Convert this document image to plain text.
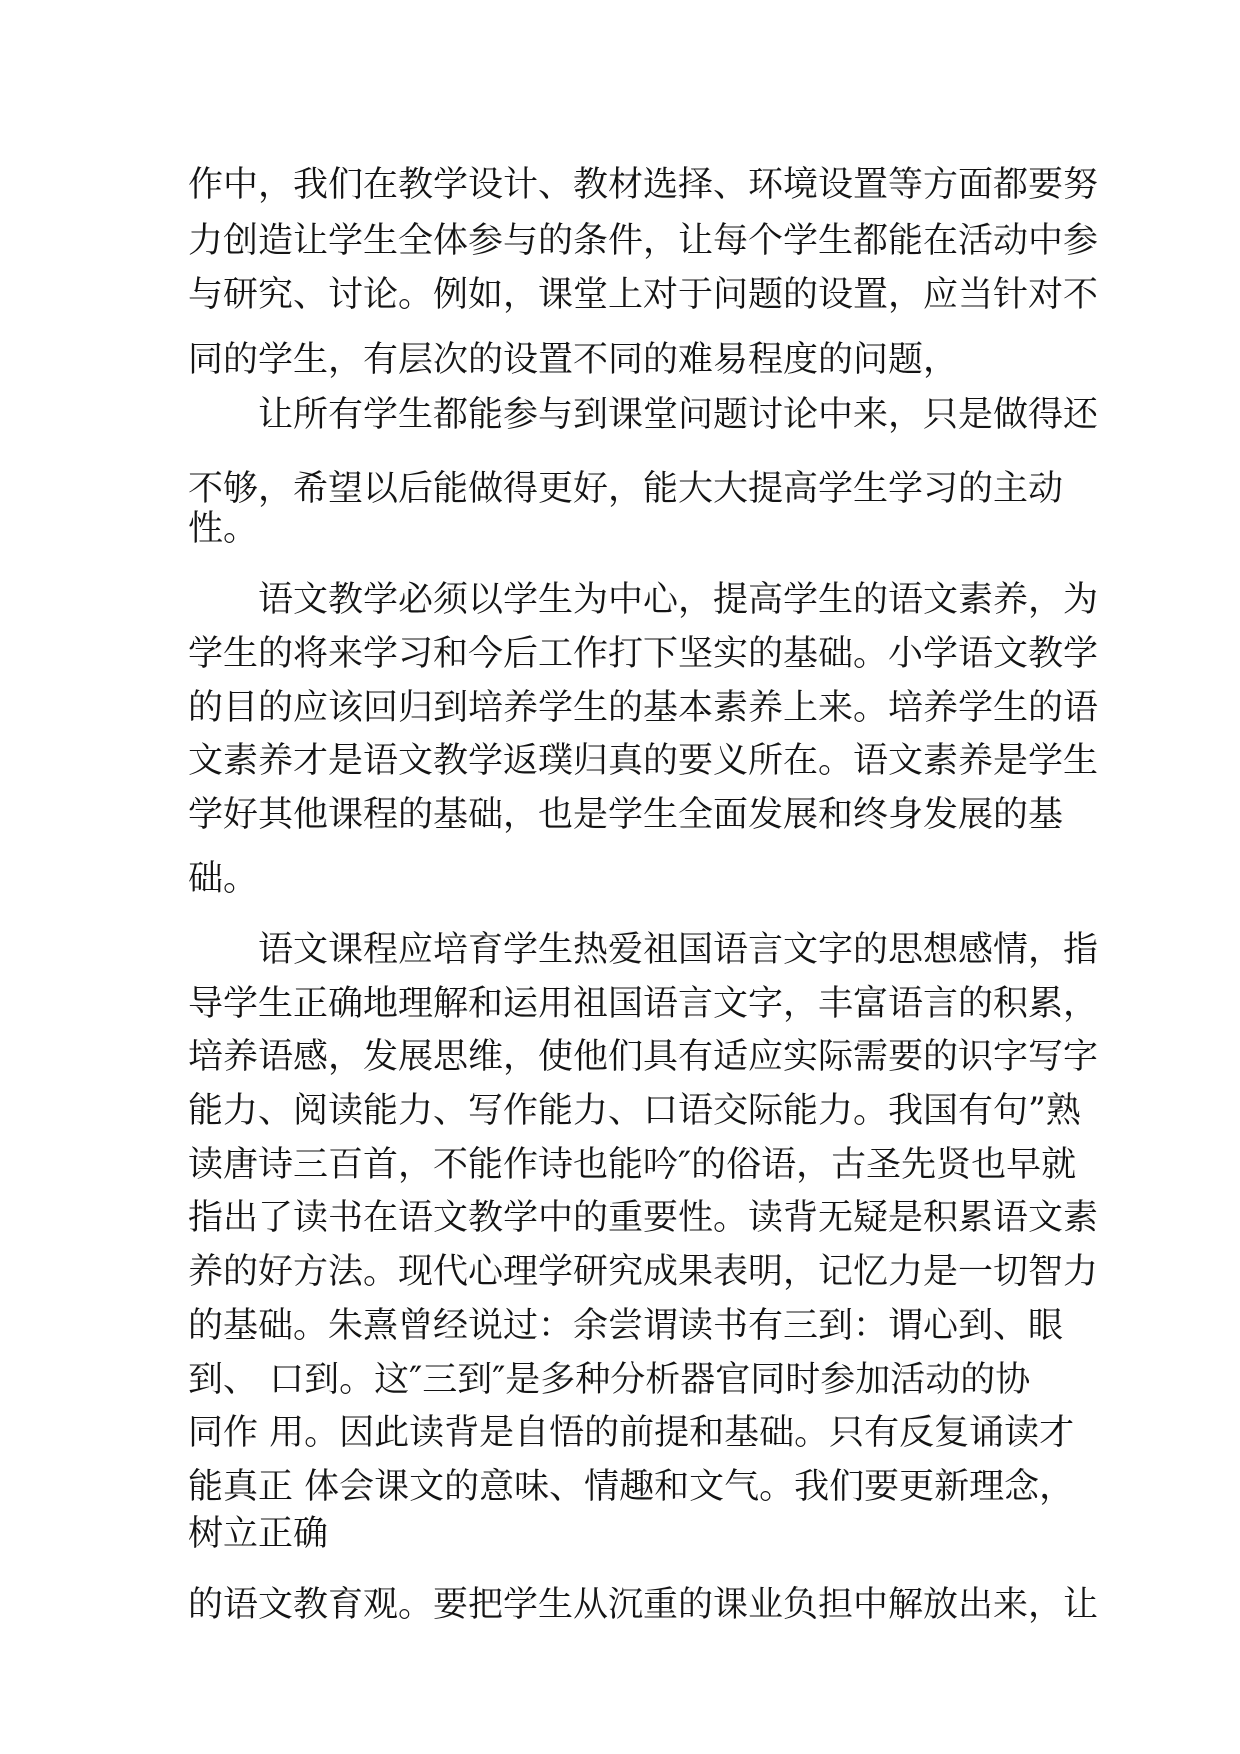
作中，我们在教学设计、教材选择、环境设置等方面都要努

力创造让学生全体参与的条件，让每个学生都能在活动中参

与研究、讨论。例如，课堂上对于问题的设置，应当针对不

同的学生，有层次的设置不同的难易程度的问题，

让所有学生都能参与到课堂问题讨论中来，只是做得还

不够，希望以后能做得更好，能大大提高学生学习的主动

性。

语文教学必须以学生为中心，提高学生的语文素养，为

学生的将来学习和今后工作打下坚实的基础。小学语文教学

的目的应该回归到培养学生的基本素养上来。培养学生的语

文素养才是语文教学返璞归真的要义所在。语文素养是学生

学好其他课程的基础，也是学生全面发展和终身发展的基

础。

语文课程应培育学生热爱祖国语言文字的思想感情，指

导学生正确地理解和运用祖国语言文字，丰富语言的积累，

培养语感，发展思维，使他们具有适应实际需要的识字写字

能力、阅读能力、写作能力、口语交际能力。我国有句”熟

读唐诗三百首，不能作诗也能吟″的俗语，古圣先贤也早就

指出了读书在语文教学中的重要性。读背无疑是积累语文素

养的好方法。现代心理学研究成果表明，记忆力是一切智力

的基础。朱熹曾经说过：余尝谓读书有三到：谓心到、眼

到、 口到。这″三到″是多种分析器官同时参加活动的协

同作 用。因此读背是自悟的前提和基础。只有反复诵读才

能真正 体会课文的意味、情趣和文气。我们要更新理念，

树立正确

的语文教育观。要把学生从沉重的课业负担中解放出来，让
